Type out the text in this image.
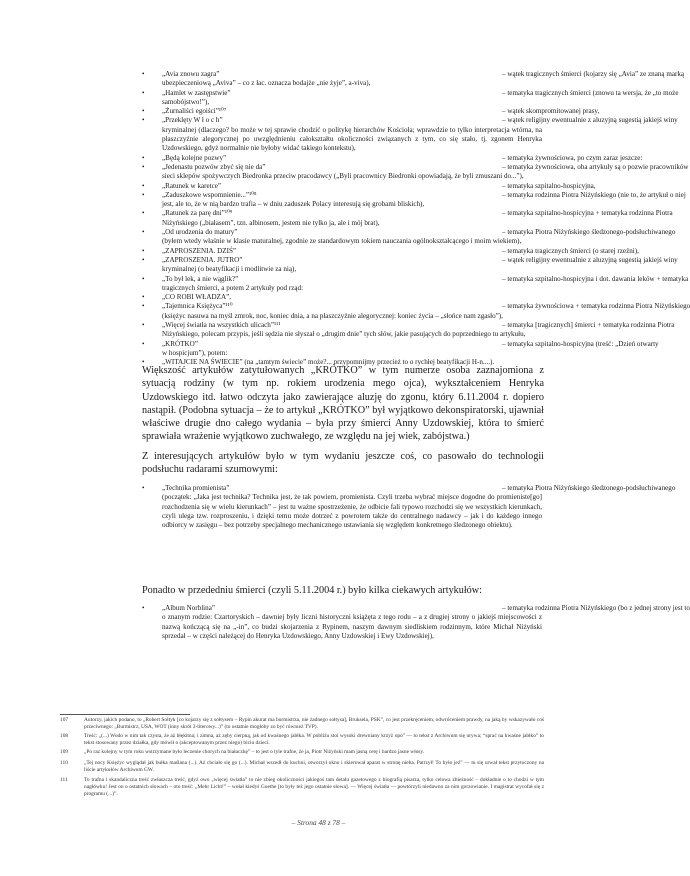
• „Avia znowu zagra”	– wątek tragicznych śmierci (kojarzy się „Avia” ze znaną marką
ubezpieczeniową „Aviva” – co z łac. oznacza bodajże „nie żyje”, a-viva),
• „Hamlet w zastępstwie”	– tematyka tragicznych śmierci (znowu ta wersja, że „to może
samobójstwo!”),
• „Żurnaliści egoiści”¹⁰⁷	– wątek skompromitowanej prasy,
• „Przeklęty W ł o c h”	– wątek religijny ewentualnie z aluzyjną sugestią jakiejś winy
kryminalnej (dlaczego? bo może w tej sprawie chodzić o politykę hierarchów Kościoła; wprawdzie to tylko interpretacja wtórna, na płaszczyźnie alegorycznej po uwzględnieniu całokształtu okoliczności związanych z tym, co się stało, tj. zgonem Henryka Uzdowskiego, gdyż normalnie nie byłoby widać takiego kontekstu),
• „Będą kolejne pozwy”	– tematyka żywnościowa, po czym zaraz jeszcze:
• „Jedenastu pozwów zbyć się nie da”	– tematyka żywnościowa, oba artykuły są o pozwie pracowników
sieci sklepów spożywczych Biedronka przeciw pracodawcy („Byli pracownicy Biedronki opowiadają, że byli zmuszani do...”),
• „Ratunek w karetce”	– tematyka szpitalno-hospicyjna,
• „Zaduszkowe wspomnienie...”¹⁰⁸	– tematyka rodzinna Piotra Niżyńskiego (nie to, że artykuł o niej
jest, ale to, że w nią bardzo trafia – w dniu zaduszek Polacy interesują się grobami bliskich),
• „Ratunek za parę dni”¹⁰⁹	– tematyka szpitalno-hospicyjna + tematyka rodzinna Piotra
Niżyńskiego („białasem”, tzn. albinosem, jestem nie tylko ja, ale i mój brat),
• „Od urodzenia do matury”	– tematyka Piotra Niżyńskiego śledzonego-podsłuchiwanego
(byłem wtedy właśnie w klasie maturalnej, zgodnie ze standardowym tokiem nauczania ogólnokształcącego i moim wiekiem),
• „ZAPROSZENIA. DZIŚ”	– tematyka tragicznych śmierci (o starej rzeźni),
• „ZAPROSZENIA. JUTRO”	– wątek religijny ewentualnie z aluzyjną sugestią jakiejś winy
kryminalnej (o beatyfikacji i modlitwie za nią),
• „To był lek, a nie wąglik?”	– tematyka szpitalno-hospicyjna i dot. dawania leków + tematyka
tragicznych śmierci, a potem 2 artykuły pod rząd:
• „CO ROBI WŁADZA”,
• „Tajemnica Księżyca”¹¹⁰	– tematyka żywnościowa + tematyka rodzinna Piotra Niżyńskiego
(księżyc nasuwa na myśl zmrok, noc, koniec dnia, a na płaszczyźnie alegorycznej: koniec życia – „słońce nam zgasło”),
• „Więcej światła na wszystkich ulicach”¹¹¹	– tematyka [tragicznych] śmierci + tematyka rodzinna Piotra
Niżyńskiego, polecam przypis, jeśli sędzia nie słyszał o „drugim dnie” tych słów, jakie pasujących do poprzedniego tu artykułu,
• „KRÓTKO”	– tematyka szpitalno-hospicyjna (treść: „Dzień otwarty
w hospicjum”), potem:
• „WITAJCIE NA ŚWIECIE” (na „tamtym świecie” może?... przypomnijmy przecież to o rychłej beatyfikacji H-n....).
Większość artykułów zatytułowanych „KRÓTKO” w tym numerze osoba zaznajomiona z sytuacją rodziny (w tym np. rokiem urodzenia mego ojca), wykształceniem Henryka Uzdowskiego itd. łatwo odczyta jako zawierające aluzję do zgonu, który 6.11.2004 r. dopiero nastąpił. (Podobna sytuacja – że to artykuł „KRÓTKO” był wyjątkowo dekonspiratorski, ujawniał właściwe drugie dno całego wydania – była przy śmierci Anny Uzdowskiej, która to śmierć sprawiała wrażenie wyjątkowo zuchwałego, ze względu na jej wiek, zabójstwa.)
Z interesujących artykułów było w tym wydaniu jeszcze coś, co pasowało do technologii podsłuchu radarami szumowymi:
• „Technika promienista”	– tematyka Piotra Niżyńskiego śledzonego-podsłuchiwanego
(początek: „Jaka jest technika? Technika jest, że tak powiem, promienista. Czyli trzeba wybrać miejsce dogodne do promieniste[go] rozchodzenia się w wielu kierunkach” – jest tu ważne spostrzeżenie, że odbicie fali typowo rozchodzi się we wszystkich kierunkach, czyli ulega tzw. rozproszeniu, i dzięki temu może dotrzeć z powrotem także do centralnego nadawcy – jak i do każdego innego odbiorcy w zasięgu – bez potrzeby specjalnego mechanicznego ustawiania się względem konkretnego śledzonego obiektu).
Ponadto w przededniu śmierci (czyli 5.11.2004 r.) było kilka ciekawych artykułów:
• „Album Norblina”	– tematyka rodzinna Piotra Niżyńskiego (bo z jednej strony jest to
o znanym rodzie: Czartoryskich – dawniej były liczni historyczni książęta z tego rodu – a z drugiej strony o jakiejś miejscowości z nazwą kończącą się na „-in”, co budzi skojarzenia z Rypinem, naszym dawnym siedliskiem rodzinnym, które Michał Niżyński sprzedał – w części należącej do Henryka Uzdowskiego, Anny Uzdowskiej i Ewy Uzdowskiej),
107	Autorzy, jakich podano, to „Robert Sołtyk [co kojarzy się z sołtysem – Rypin akurat ma burmistrza, nie żadnego sołtysa], Bruksela, PSK”, co jest przekręceniem, odwróceniem prawdy, na jaką by wskazywało coś przeciwnego: „Burmistrz, USA, WOT (inny skrót 3-literowy...)” (to ostatnie mogłoby zo być również TVP).
108	Treść: „(...) Wodo w nim tak czysta, że aż błękitna; i zimna, aż zęby cierpną, jak od kwaśnego jabłka. W pobliżu stoi wysoki drewniany krzyż opo” — to tekst z Archiwum się urywa; “sprać na kwaśne jabłko” to tekst stosowany przez działka, gdy mówił o (akceptowanym przez niego) biciu dzieci.
109	„Po raz kolejny w tym roku wstrzymane było leczenie chorych na białaczkę” – to jest o tyle trafne, że ja, Piotr Niżyński mam jasną cerę i bardzo jasne włosy.
110	„Tej nocy Księżyc wyglądał jak bułka maślana (...). Aż chciało się go (...). Michał wszedł do kuchni, otworzył okno i skierował aparat w stronę nieba. Patrzył! To było jeź” — tu się urwał tekst przytoczony na liście artykułów Archiwum GW.
111	To trafna i skandaliczna treść zwłaszcza treść, gdyż owo „więcej światła” to nie zbieg okoliczności jakiegoś tam detalu gazetowego z biografią pisarza, tylko celowa zbieżność – dokładnie o to chodzi w tym nagłówku! Jest on o ostatnich słowach – oto treść: „Mehr Licht!” – wołał kiedyś Goethe [to były też jego ostatnie słowa]. — Więcej światła — powtórzyli niedawno za nim gorzowianie. I magistrat wycofał się z programu (...)”.
– Strona 48 z 78 –
